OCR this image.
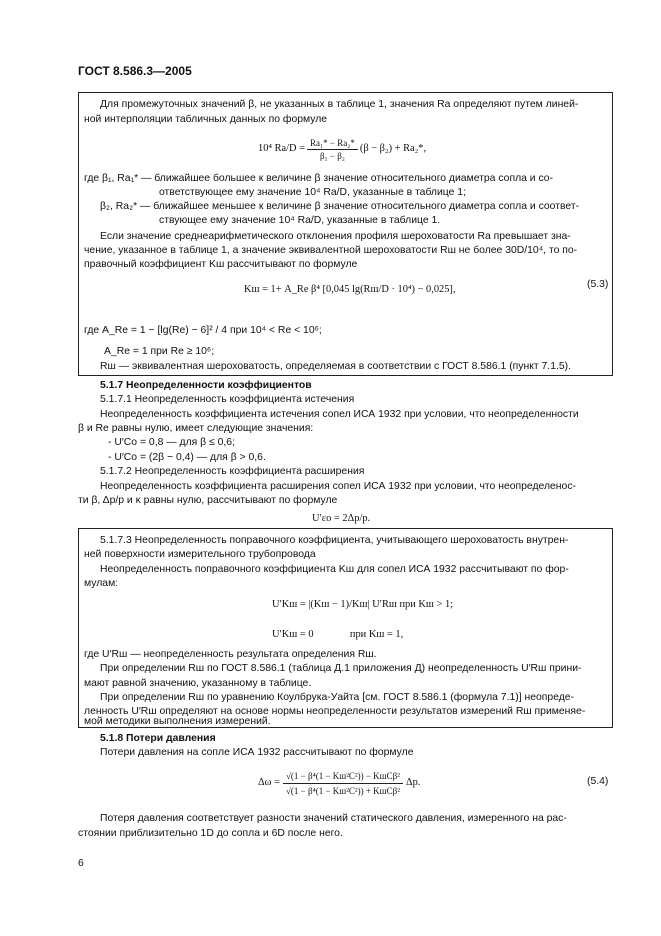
ГОСТ 8.586.3—2005
Для промежуточных значений β, не указанных в таблице 1, значения Ra определяют путем линей-
ной интерполяции табличных данных по формуле
10⁴ $Ra/D = \frac{\text{Ra₁* − Ra₂*}}{\text{β₁ − β₂}} (\beta - \beta_2) + Ra_2*$,
где β₁, Ra₁* — ближайшее большее к величине β значение относительного диаметра сопла и со-
ответствующее ему значение 10⁴ Ra/D, указанные в таблице 1;
β₂, Ra₂* — ближайшее меньшее к величине β значение относительного диаметра сопла и соответ-
ствующее ему значение 10⁴ Ra/D, указанные в таблице 1.
Если значение среднеарифметического отклонения профиля шероховатости Ra превышает зна-
чение, указанное в таблице 1, а значение эквивалентной шероховатости Rш не более 30D/10⁴, то по-
правочный коэффициент Kш рассчитывают по формуле
Kш = 1+ A_Re β⁴ [0,045 lg(Rш/D · 10⁴) − 0,025],	(5.3)
где A_Re = 1 − [lg(Re) − 6]² / 4 при 10⁴ < Re < 10⁶;
A_Re = 1 при Re ≥ 10⁶;
Rш — эквивалентная шероховатость, определяемая в соответствии с ГОСТ 8.586.1 (пункт 7.1.5).
5.1.7 Неопределенности коэффициентов
5.1.7.1 Неопределенность коэффициента истечения
Неопределенность коэффициента истечения сопел ИСА 1932 при условии, что неопределенности
β и Re равны нулю, имеет следующие значения:
- U′Co = 0,8 — для β ≤ 0,6;
- U′Co = (2β − 0,4) — для β > 0,6.
5.1.7.2 Неопределенность коэффициента расширения
Неопределенность коэффициента расширения сопел ИСА 1932 при условии, что неопределенос-
ти β, Δp/p и κ равны нулю, рассчитывают по формуле
U′εo = 2Δp/p.
5.1.7.3 Неопределенность поправочного коэффициента, учитывающего шероховатость внутрен-
ней поверхности измерительного трубопровода
Неопределенность поправочного коэффициента Kш для сопел ИСА 1932 рассчитывают по фор-
мулам:
U′Kш = |(Kш − 1)/Kш| U′Rш при Kш > 1;
U′Kш = 0              при Kш = 1,
где U′Rш — неопределенность результата определения Rш.
При определении Rш по ГОСТ 8.586.1 (таблица Д.1 приложения Д) неопределенность U′Rш прини-
мают равной значению, указанному в таблице.
При определении Rш по уравнению Коулбрука-Уайта [см. ГОСТ 8.586.1 (формула 7.1)] неопреде-
ленность U′Rш определяют на основе нормы неопределенности результатов измерений Rш применяе-
мой методики выполнения измерений.
5.1.8 Потери давления
Потери давления на сопле ИСА 1932 рассчитывают по формуле
$\Delta\omega = \frac{\text{√(1 − β⁴(1 − Kш²C²)) − KшCβ²}}{\text{√(1 − β⁴(1 − Kш²C²)) + KшCβ²}} \Delta p$.	(5.4)
Потеря давления соответствует разности значений статического давления, измеренного на рас-
стоянии приблизительно 1D до сопла и 6D после него.
6
